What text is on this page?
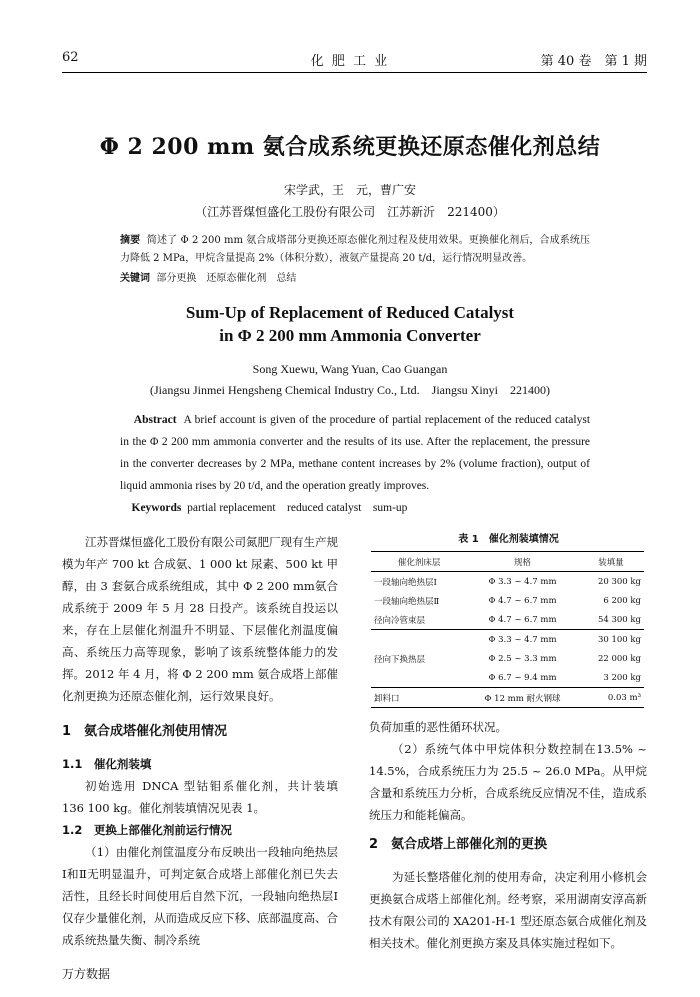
62	化 肥 工 业	第 40 卷　第 1 期
Φ 2 200 mm 氨合成系统更换还原态催化剂总结
宋学武，王　元，曹广安
（江苏晋煤恒盛化工股份有限公司　江苏新沂　221400）
摘要 简述了 Φ 2 200 mm 氨合成塔部分更换还原态催化剂过程及使用效果。更换催化剂后，合成系统压力降低 2 MPa，甲烷含量提高 2%（体积分数），液氨产量提高 20 t/d，运行情况明显改善。
关键词 部分更换　还原态催化剂　总结
Sum-Up of Replacement of Reduced Catalyst
in Φ 2 200 mm Ammonia Converter
Song Xuewu, Wang Yuan, Cao Guangan
(Jiangsu Jinmei Hengsheng Chemical Industry Co., Ltd.　Jiangsu Xinyi　221400)
Abstract A brief account is given of the procedure of partial replacement of the reduced catalyst in the Φ 2 200 mm ammonia converter and the results of its use. After the replacement, the pressure in the converter decreases by 2 MPa, methane content increases by 2% (volume fraction), output of liquid ammonia rises by 20 t/d, and the operation greatly improves.
Keywords partial replacement　reduced catalyst　sum-up
江苏晋煤恒盛化工股份有限公司氮肥厂现有生产规模为年产 700 kt 合成氨、1 000 kt 尿素、500 kt 甲醇，由 3 套氨合成系统组成，其中 Φ 2 200 mm氨合成系统于 2009 年 5 月 28 日投产。该系统自投运以来，存在上层催化剂温升不明显、下层催化剂温度偏高、系统压力高等现象，影响了该系统整体能力的发挥。2012 年 4 月，将 Φ 2 200 mm 氨合成塔上部催化剂更换为还原态催化剂，运行效果良好。
1　氨合成塔催化剂使用情况
1.1　催化剂装填
初始选用 DNCA 型钴钼系催化剂，共计装填 136 100 kg。催化剂装填情况见表 1。
1.2　更换上部催化剂前运行情况
（1）由催化剂筐温度分布反映出一段轴向绝热层Ⅰ和Ⅱ无明显温升，可判定氨合成塔上部催化剂已失去活性，且经长时间使用后自然下沉，一段轴向绝热层Ⅰ仅存少量催化剂，从而造成反应下移、底部温度高、合成系统热量失衡、制冷系统
表 1　催化剂装填情况
催化剂床层	规格	装填量
一段轴向绝热层Ⅰ	Φ 3.3 ~ 4.7 mm	20 300 kg
一段轴向绝热层Ⅱ	Φ 4.7 ~ 6.7 mm	6 200 kg
径向冷管束层	Φ 4.7 ~ 6.7 mm	54 300 kg
径向下换热层	Φ 3.3 ~ 4.7 mm	30 100 kg
	Φ 2.5 ~ 3.3 mm	22 000 kg
	Φ 6.7 ~ 9.4 mm	3 200 kg
卸料口	Φ 12 mm 耐火钢球	0.03 m³
负荷加重的恶性循环状况。
（2）系统气体中甲烷体积分数控制在13.5% ~ 14.5%，合成系统压力为 25.5 ~ 26.0 MPa。从甲烷含量和系统压力分析，合成系统反应情况不佳，造成系统压力和能耗偏高。
2　氨合成塔上部催化剂的更换
为延长整塔催化剂的使用寿命，决定利用小修机会更换氨合成塔上部催化剂。经考察，采用湖南安淳高新技术有限公司的 XA201-H-1 型还原态氨合成催化剂及相关技术。催化剂更换方案及具体实施过程如下。
万方数据
